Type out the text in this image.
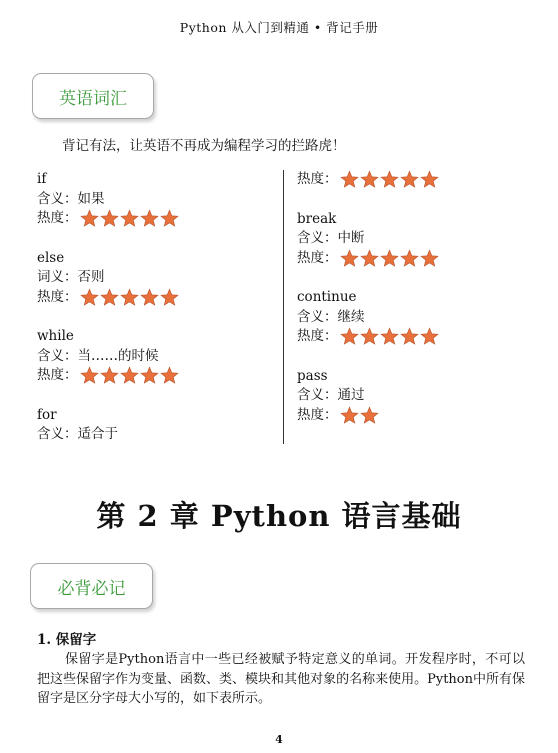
Python 从入门到精通 • 背记手册
英语词汇
背记有法，让英语不再成为编程学习的拦路虎！
if
含义：如果
热度：
else
词义：否则
热度：
while
含义：当……的时候
热度：
for
含义：适合于
热度：
break
含义：中断
热度：
continue
含义：继续
热度：
pass
含义：通过
热度：
第 2 章 Python 语言基础
必背必记
1. 保留字
保留字是Python语言中一些已经被赋予特定意义的单词。开发程序时，不可以把这些保留字作为变量、函数、类、模块和其他对象的名称来使用。Python中所有保留字是区分字母大小写的，如下表所示。
4
